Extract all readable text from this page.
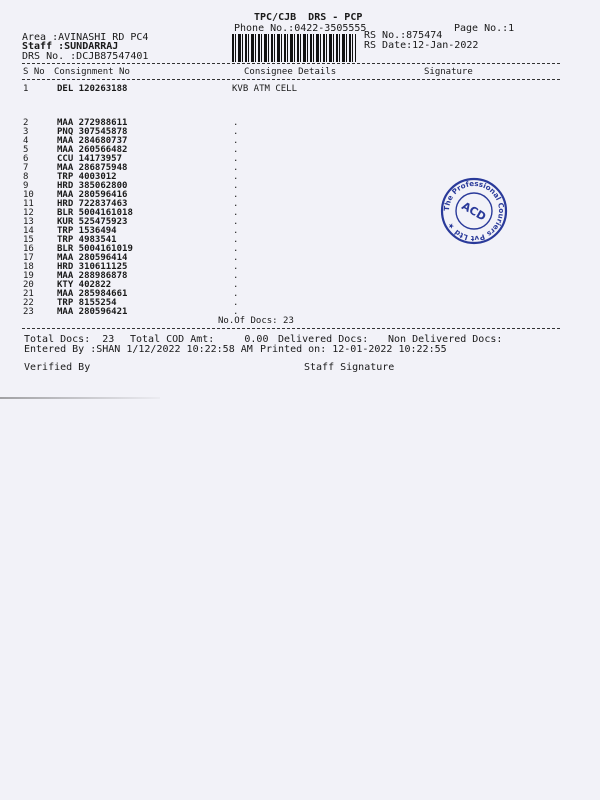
TPC/CJB  DRS - PCP
Phone No.:0422-3505555	Page No.:1
Area :AVINASHI RD PC4
Staff :SUNDARRAJ
DRS No. :DCJB87547401
RS No.:875474
RS Date:12-Jan-2022
S No Consignment No	Consignee Details	Signature
1	DEL 120263188	KVB ATM CELL
2	MAA 272988611	.
3	PNQ 307545878	.
4	MAA 284680737	.
5	MAA 260566482	.
6	CCU 14173957	.
7	MAA 286875948	.
8	TRP 4003012	.
9	HRD 385062800	.
10	MAA 280596416	.
11	HRD 722837463	.
12	BLR 5004161018	.
13	KUR 525475923	.
14	TRP 1536494	.
15	TRP 4983541	.
16	BLR 5004161019	.
17	MAA 280596414	.
18	HRD 310611125	.
19	MAA 288986878	.
20	KTY 402822	.
21	MAA 285984661	.
22	TRP 8155254	.
23	MAA 280596421	.
No.Of Docs: 23
The Professional Couriers Pvt Ltd ★
ACD
Total Docs:  23 Total COD Amt:     0.00 Delivered Docs: Non Delivered Docs:
Entered By :SHAN 1/12/2022 10:22:58 AM Printed on: 12-01-2022 10:22:55
Verified By	Staff Signature
